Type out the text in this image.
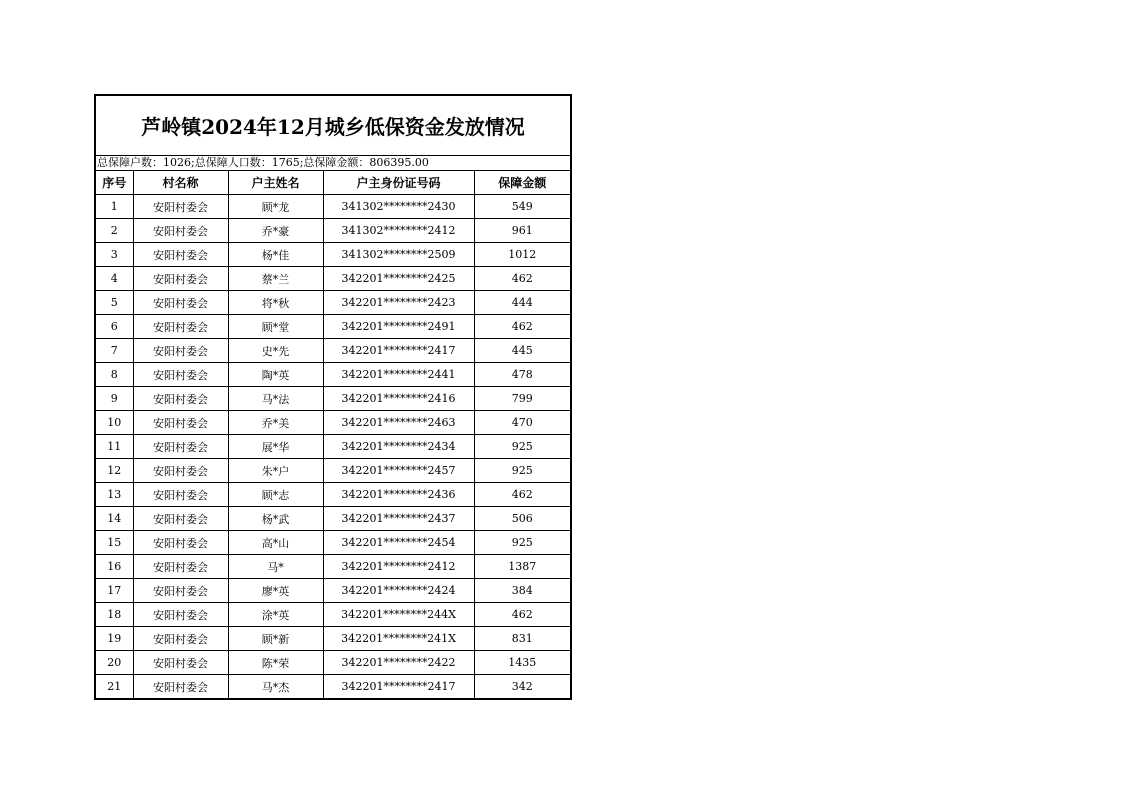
芦岭镇2024年12月城乡低保资金发放情况				
总保障户数：1026;总保障人口数：1765;总保障金额：806395.00				
序号	村名称	户主姓名	户主身份证号码	保障金额
1	安阳村委会	顾*龙	341302********2430	549
2	安阳村委会	乔*豪	341302********2412	961
3	安阳村委会	杨*佳	341302********2509	1012
4	安阳村委会	蔡*兰	342201********2425	462
5	安阳村委会	将*秋	342201********2423	444
6	安阳村委会	顾*堂	342201********2491	462
7	安阳村委会	史*先	342201********2417	445
8	安阳村委会	陶*英	342201********2441	478
9	安阳村委会	马*法	342201********2416	799
10	安阳村委会	乔*美	342201********2463	470
11	安阳村委会	展*华	342201********2434	925
12	安阳村委会	朱*户	342201********2457	925
13	安阳村委会	顾*志	342201********2436	462
14	安阳村委会	杨*武	342201********2437	506
15	安阳村委会	高*山	342201********2454	925
16	安阳村委会	马*	342201********2412	1387
17	安阳村委会	廖*英	342201********2424	384
18	安阳村委会	涂*英	342201********244X	462
19	安阳村委会	顾*新	342201********241X	831
20	安阳村委会	陈*荣	342201********2422	1435
21	安阳村委会	马*杰	342201********2417	342
